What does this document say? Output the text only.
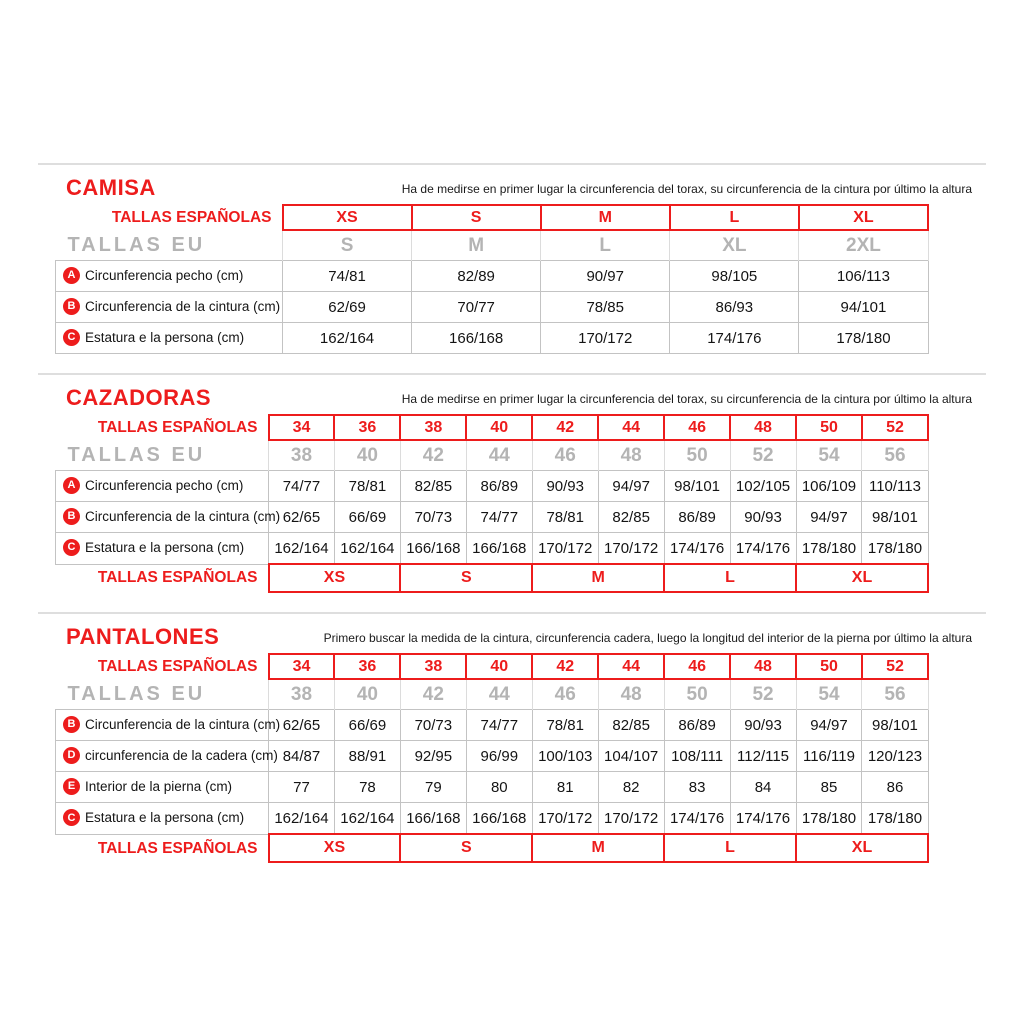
CAMISA	Ha de medirse en primer lugar la circunferencia del torax, su circunferencia de la cintura por último la altura

TALLAS ESPAÑOLAS	XS	S	M	L	XL
TALLAS EU	S	M	L	XL	2XL
A Circunferencia pecho (cm)	74/81	82/89	90/97	98/105	106/113
B Circunferencia de la cintura (cm)	62/69	70/77	78/85	86/93	94/101
C Estatura e la persona (cm)	162/164	166/168	170/172	174/176	178/180
CAZADORAS	Ha de medirse en primer lugar la circunferencia del torax, su circunferencia de la cintura por último la altura

TALLAS ESPAÑOLAS	34	36	38	40	42	44	46	48	50	52
TALLAS EU	38	40	42	44	46	48	50	52	54	56
A Circunferencia pecho (cm)	74/77	78/81	82/85	86/89	90/93	94/97	98/101	102/105	106/109	110/113
B Circunferencia de la cintura (cm)	62/65	66/69	70/73	74/77	78/81	82/85	86/89	90/93	94/97	98/101
C Estatura e la persona (cm)	162/164	162/164	166/168	166/168	170/172	170/172	174/176	174/176	178/180	178/180
TALLAS ESPAÑOLAS	XS		S		M		L		XL	
PANTALONES	Primero buscar la medida de la cintura, circunferencia cadera, luego la longitud del interior de la pierna por último la altura

TALLAS ESPAÑOLAS	34	36	38	40	42	44	46	48	50	52
TALLAS EU	38	40	42	44	46	48	50	52	54	56
B Circunferencia de la cintura (cm)	62/65	66/69	70/73	74/77	78/81	82/85	86/89	90/93	94/97	98/101
D circunferencia de la cadera (cm)	84/87	88/91	92/95	96/99	100/103	104/107	108/111	112/115	116/119	120/123
E Interior de la pierna (cm)	77	78	79	80	81	82	83	84	85	86
C Estatura e la persona (cm)	162/164	162/164	166/168	166/168	170/172	170/172	174/176	174/176	178/180	178/180
TALLAS ESPAÑOLAS	XS		S		M		L		XL	
